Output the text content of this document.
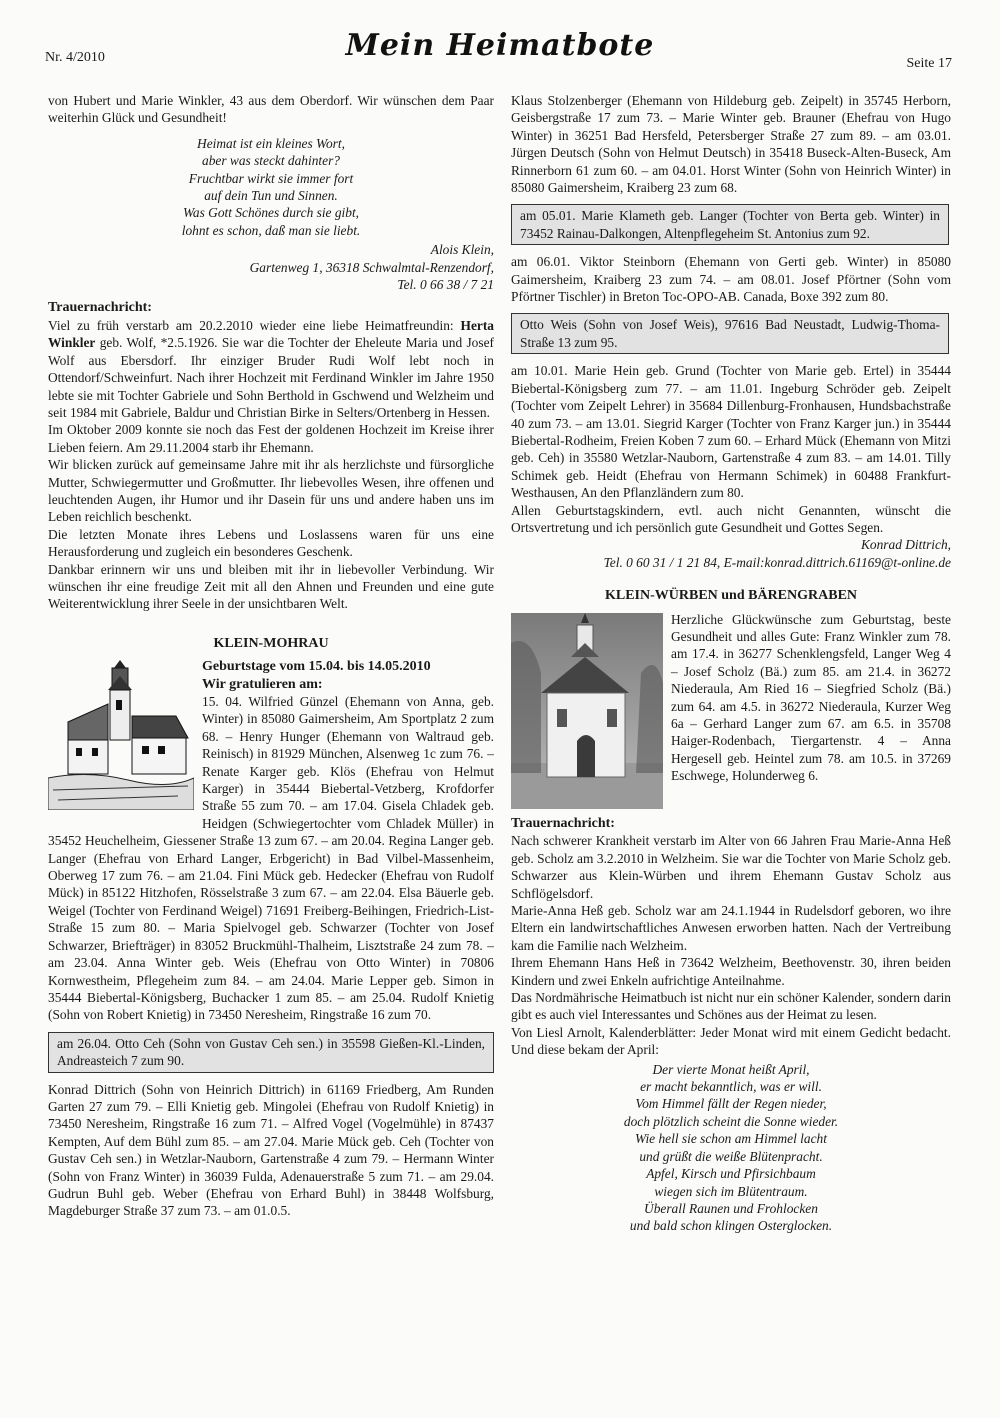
Nr. 4/2010	Mein Heimatbote
Seite 17

von Hubert und Marie Winkler, 43 aus dem Oberdorf. Wir wünschen dem Paar weiterhin Glück und Gesundheit!

Heimat ist ein kleines Wort,
aber was steckt dahinter?
Fruchtbar wirkt sie immer fort
auf dein Tun und Sinnen.
Was Gott Schönes durch sie gibt,
lohnt es schon, daß man sie liebt.
Alois Klein,
Gartenweg 1, 36318 Schwalmtal-Renzendorf,
Tel. 0 66 38 / 7 21
Trauernachricht:

Viel zu früh verstarb am 20.2.2010 wieder eine liebe Heimatfreundin: Herta Winkler geb. Wolf, *2.5.1926. Sie war die Tochter der Eheleute Maria und Josef Wolf aus Ebersdorf. Ihr einziger Bruder Rudi Wolf lebt noch in Ottendorf/Schweinfurt. Nach ihrer Hochzeit mit Ferdinand Winkler im Jahre 1950 lebte sie mit Tochter Gabriele und Sohn Berthold in Gschwend und Welzheim und seit 1984 mit Gabriele, Baldur und Christian Birke in Selters/Ortenberg in Hessen.

Im Oktober 2009 konnte sie noch das Fest der goldenen Hochzeit im Kreise ihrer Lieben feiern. Am 29.11.2004 starb ihr Ehemann.

Wir blicken zurück auf gemeinsame Jahre mit ihr als herzlichste und fürsorgliche Mutter, Schwiegermutter und Großmutter. Ihr liebevolles Wesen, ihre offenen und leuchtenden Augen, ihr Humor und ihr Dasein für uns und andere haben uns im Leben reichlich beschenkt.

Die letzten Monate ihres Lebens und Loslassens waren für uns eine Herausforderung und zugleich ein besonderes Geschenk.

Dankbar erinnern wir uns und bleiben mit ihr in liebevoller Verbindung. Wir wünschen ihr eine freudige Zeit mit all den Ahnen und Freunden und eine gute Weiterentwicklung ihrer Seele in der unsichtbaren Welt.

KLEIN-MOHRAU
Geburtstage vom 15.04. bis 14.05.2010
Wir gratulieren am:

15. 04. Wilfried Günzel (Ehemann von Anna, geb. Winter) in 85080 Gaimersheim, Am Sportplatz 2 zum 68. – Henry Hunger (Ehemann von Waltraud geb. Reinisch) in 81929 München, Alsenweg 1c zum 76. – Renate Karger geb. Klös (Ehefrau von Helmut Karger) in 35444 Biebertal-Vetzberg, Krofdorfer Straße 55 zum 70. – am 17.04. Gisela Chladek geb. Heidgen (Schwiegertochter vom Chladek Müller) in 35452 Heuchelheim, Giessener Straße 13 zum 67. – am 20.04. Regina Langer geb. Langer (Ehefrau von Erhard Langer, Erbgericht) in Bad Vilbel-Massenheim, Oberweg 17 zum 76. – am 21.04. Fini Mück geb. Hedecker (Ehefrau von Rudolf Mück) in 85122 Hitzhofen, Rösselstraße 3 zum 67. – am 22.04. Elsa Bäuerle geb. Weigel (Tochter von Ferdinand Weigel) 71691 Freiberg-Beihingen, Friedrich-List-Straße 15 zum 80. – Maria Spielvogel geb. Schwarzer (Tochter von Josef Schwarzer, Briefträger) in 83052 Bruckmühl-Thalheim, Lisztstraße 24 zum 78. – am 23.04. Anna Winter geb. Weis (Ehefrau von Otto Winter) in 70806 Kornwestheim, Pflegeheim zum 84. – am 24.04. Marie Lepper geb. Simon in 35444 Biebertal-Königsberg, Buchacker 1 zum 85. – am 25.04. Rudolf Knietig (Sohn von Robert Knietig) in 73450 Neresheim, Ringstraße 16 zum 70.

am 26.04. Otto Ceh (Sohn von Gustav Ceh sen.) in 35598 Gießen-Kl.-Linden, Andreasteich 7 zum 90.

Konrad Dittrich (Sohn von Heinrich Dittrich) in 61169 Friedberg, Am Runden Garten 27 zum 79. – Elli Knietig geb. Mingolei (Ehefrau von Rudolf Knietig) in 73450 Neresheim, Ringstraße 16 zum 71. – Alfred Vogel (Vogelmühle) in 87437 Kempten, Auf dem Bühl zum 85. – am 27.04. Marie Mück geb. Ceh (Tochter von Gustav Ceh sen.) in Wetzlar-Nauborn, Gartenstraße 4 zum 79. – Hermann Winter (Sohn von Franz Winter) in 36039 Fulda, Adenauerstraße 5 zum 71. – am 29.04. Gudrun Buhl geb. Weber (Ehefrau von Erhard Buhl) in 38448 Wolfsburg, Magdeburger Straße 37 zum 73. – am 01.0.5.

Klaus Stolzenberger (Ehemann von Hildeburg geb. Zeipelt) in 35745 Herborn, Geisbergstraße 17 zum 73. – Marie Winter geb. Brauner (Ehefrau von Hugo Winter) in 36251 Bad Hersfeld, Petersberger Straße 27 zum 89. – am 03.01. Jürgen Deutsch (Sohn von Helmut Deutsch) in 35418 Buseck-Alten-Buseck, Am Rinnerborn 61 zum 60. – am 04.01. Horst Winter (Sohn von Heinrich Winter) in 85080 Gaimersheim, Kraiberg 23 zum 68.

am 05.01. Marie Klameth geb. Langer (Tochter von Berta geb. Winter) in 73452 Rainau-Dalkongen, Altenpflegeheim St. Antonius zum 92.

am 06.01. Viktor Steinborn (Ehemann von Gerti geb. Winter) in 85080 Gaimersheim, Kraiberg 23 zum 74. – am 08.01. Josef Pförtner (Sohn vom Pförtner Tischler) in Breton Toc-OPO-AB. Canada, Boxe 392 zum 80.

Otto Weis (Sohn von Josef Weis), 97616 Bad Neustadt, Ludwig-Thoma- Straße 13 zum 95.

am 10.01. Marie Hein geb. Grund (Tochter von Marie geb. Ertel) in 35444 Biebertal-Königsberg zum 77. – am 11.01. Ingeburg Schröder geb. Zeipelt (Tochter vom Zeipelt Lehrer) in 35684 Dillenburg-Fronhausen, Hundsbachstraße 40 zum 73. – am 13.01. Siegrid Karger (Tochter von Franz Karger jun.) in 35444 Biebertal-Rodheim, Freien Koben 7 zum 60. – Erhard Mück (Ehemann von Mitzi geb. Ceh) in 35580 Wetzlar-Nauborn, Gartenstraße 4 zum 83. – am 14.01. Tilly Schimek geb. Heidt (Ehefrau von Hermann Schimek) in 60488 Frankfurt-Westhausen, An den Pflanzländern zum 80.

Allen Geburtstagskindern, evtl. auch nicht Genannten, wünscht die Ortsvertretung und ich persönlich gute Gesundheit und Gottes Segen.

Konrad Dittrich,
Tel. 0 60 31 / 1 21 84, E-mail:konrad.dittrich.61169@t-online.de
KLEIN-WÜRBEN und BÄRENGRABEN

Herzliche Glückwünsche zum Geburtstag, beste Gesundheit und alles Gute: Franz Winkler zum 78. am 17.4. in 36277 Schenklengsfeld, Langer Weg 4 – Josef Scholz (Bä.) zum 85. am 21.4. in 36272 Niederaula, Am Ried 16 – Siegfried Scholz (Bä.) zum 64. am 4.5. in 36272 Niederaula, Kurzer Weg 6a – Gerhard Langer zum 67. am 6.5. in 35708 Haiger-Rodenbach, Tiergartenstr. 4 – Anna Hergesell geb. Heintel zum 78. am 10.5. in 37269 Eschwege, Holunderweg 6.

Trauernachricht:

Nach schwerer Krankheit verstarb im Alter von 66 Jahren Frau Marie-Anna Heß geb. Scholz am 3.2.2010 in Welzheim. Sie war die Tochter von Marie Scholz geb. Schwarzer aus Klein-Würben und ihrem Ehemann Gustav Scholz aus Schflögelsdorf.

Marie-Anna Heß geb. Scholz war am 24.1.1944 in Rudelsdorf geboren, wo ihre Eltern ein landwirtschaftliches Anwesen erworben hatten. Nach der Vertreibung kam die Familie nach Welzheim.

Ihrem Ehemann Hans Heß in 73642 Welzheim, Beethovenstr. 30, ihren beiden Kindern und zwei Enkeln aufrichtige Anteilnahme.

Das Nordmährische Heimatbuch ist nicht nur ein schöner Kalender, sondern darin gibt es auch viel Interessantes und Schönes aus der Heimat zu lesen.

Von Liesl Arnolt, Kalenderblätter: Jeder Monat wird mit einem Gedicht bedacht. Und diese bekam der April:

Der vierte Monat heißt April,
er macht bekanntlich, was er will.
Vom Himmel fällt der Regen nieder,
doch plötzlich scheint die Sonne wieder.
Wie hell sie schon am Himmel lacht
und grüßt die weiße Blütenpracht.
Apfel, Kirsch und Pfirsichbaum
wiegen sich im Blütentraum.
Überall Raunen und Frohlocken
und bald schon klingen Osterglocken.
